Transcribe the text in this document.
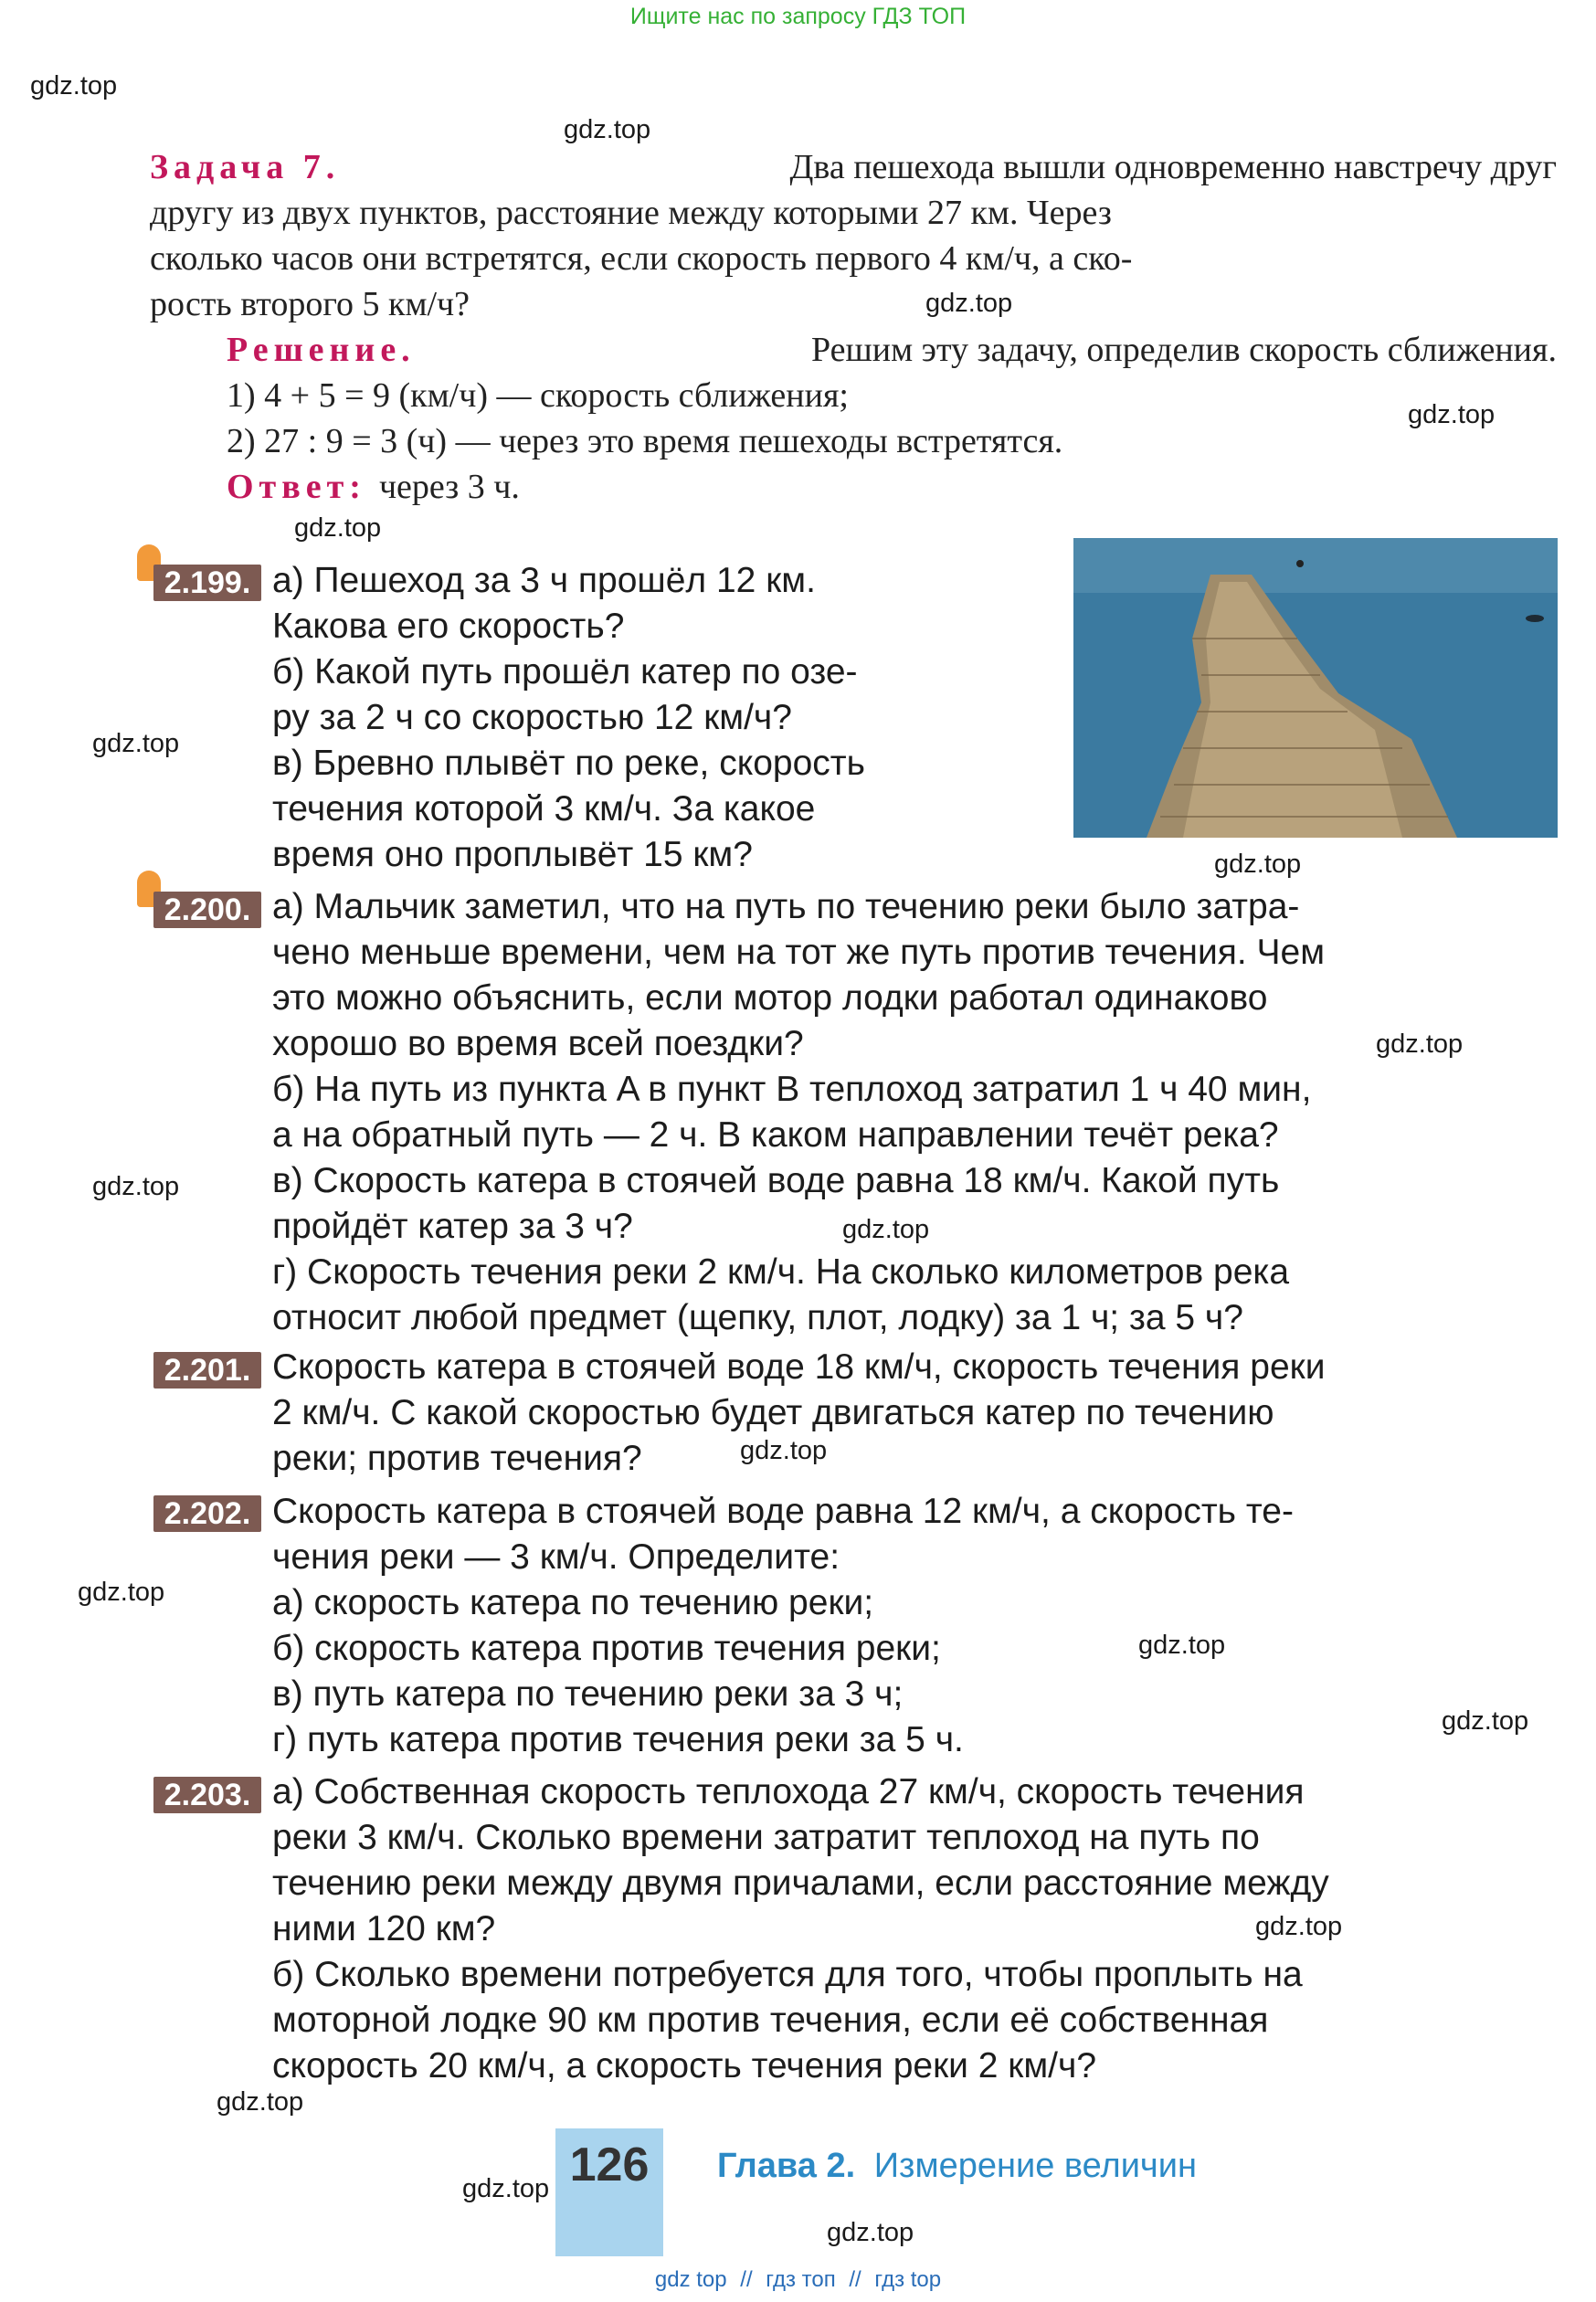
Ищите нас по запросу ГДЗ ТОП
gdz.top
gdz.top
gdz.top
gdz.top
gdz.top
gdz.top
gdz.top
gdz.top
gdz.top
gdz.top
gdz.top
gdz.top
gdz.top
gdz.top
gdz.top
gdz.top
gdz.top
gdz.top
Задача 7.	Два пешехода вышли одновременно навстречу друг
другу из двух пунктов, расстояние между которыми 27 км. Через
сколько часов они встретятся, если скорость первого 4 км/ч, а ско-
рость второго 5 км/ч?
Решение.	Решим эту задачу, определив скорость сближения.
1) 4 + 5 = 9 (км/ч) — скорость сближения;
2) 27 : 9 = 3 (ч) — через это время пешеходы встретятся.
Ответ: через 3 ч.
2.199. а) Пешеход за 3 ч прошёл 12 км.
Какова его скорость?
б) Какой путь прошёл катер по озе-
ру за 2 ч со скоростью 12 км/ч?
в) Бревно плывёт по реке, скорость
течения которой 3 км/ч. За какое
время оно проплывёт 15 км?
2.200. а) Мальчик заметил, что на путь по течению реки было затра-
чено меньше времени, чем на тот же путь против течения. Чем
это можно объяснить, если мотор лодки работал одинаково
хорошо во время всей поездки?
б) На путь из пункта A в пункт B теплоход затратил 1 ч 40 мин,
а на обратный путь — 2 ч. В каком направлении течёт река?
в) Скорость катера в стоячей воде равна 18 км/ч. Какой путь
пройдёт катер за 3 ч?
г) Скорость течения реки 2 км/ч. На сколько километров река
относит любой предмет (щепку, плот, лодку) за 1 ч; за 5 ч?
2.201. Скорость катера в стоячей воде 18 км/ч, скорость течения реки
2 км/ч. С какой скоростью будет двигаться катер по течению
реки; против течения?
2.202. Скорость катера в стоячей воде равна 12 км/ч, а скорость те-
чения реки — 3 км/ч. Определите:
а) скорость катера по течению реки;
б) скорость катера против течения реки;
в) путь катера по течению реки за 3 ч;
г) путь катера против течения реки за 5 ч.
2.203. а) Собственная скорость теплохода 27 км/ч, скорость течения
реки 3 км/ч. Сколько времени затратит теплоход на путь по
течению реки между двумя причалами, если расстояние между
ними 120 км?
б) Сколько времени потребуется для того, чтобы проплыть на
моторной лодке 90 км против течения, если её собственная
скорость 20 км/ч, а скорость течения реки 2 км/ч?
126	Глава 2. Измерение величин
gdz top // гдз топ // гдз top
